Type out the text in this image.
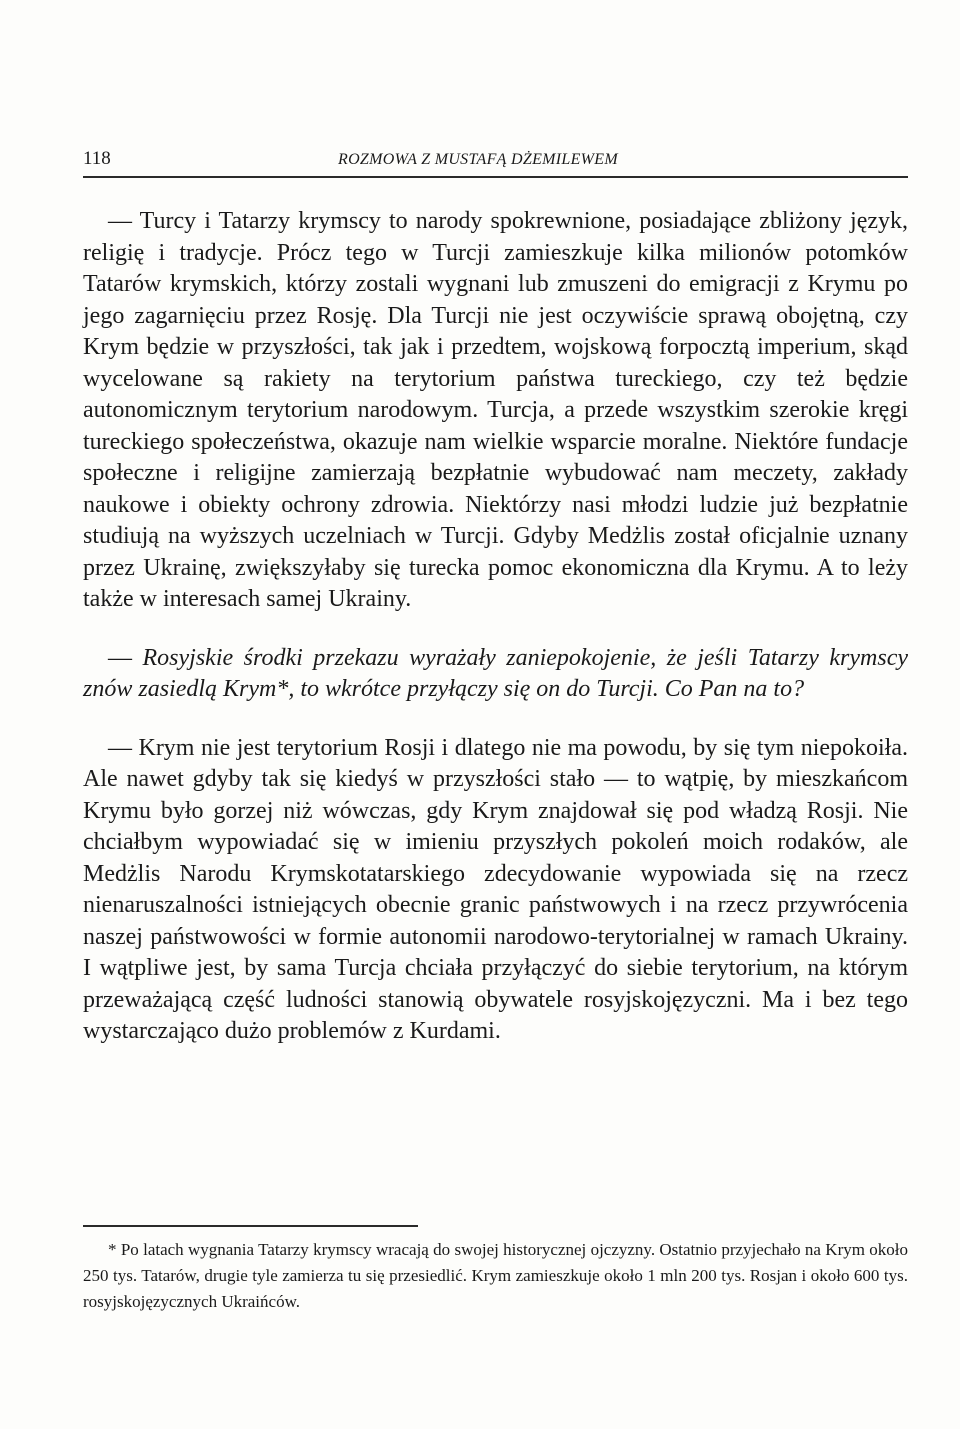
118	ROZMOWA Z MUSTAFĄ DŻEMILEWEM

— Turcy i Tatarzy krymscy to narody spokrewnione, posiadające zbliżony język, religię i tradycje. Prócz tego w Turcji zamieszkuje kilka milionów potomków Tatarów krymskich, którzy zostali wygnani lub zmuszeni do emigracji z Krymu po jego zagarnięciu przez Rosję. Dla Turcji nie jest oczywiście sprawą obojętną, czy Krym będzie w przyszłości, tak jak i przedtem, wojskową forpocztą imperium, skąd wycelowane są rakiety na terytorium państwa tureckiego, czy też będzie autonomicznym terytorium narodowym. Turcja, a przede wszystkim szerokie kręgi tureckiego społeczeństwa, okazuje nam wielkie wsparcie moralne. Niektóre fundacje społeczne i religijne zamierzają bezpłatnie wybudować nam meczety, zakłady naukowe i obiekty ochrony zdrowia. Niektórzy nasi młodzi ludzie już bezpłatnie studiują na wyższych uczelniach w Turcji. Gdyby Medżlis został oficjalnie uznany przez Ukrainę, zwiększyłaby się turecka pomoc ekonomiczna dla Krymu. A to leży także w interesach samej Ukrainy.

— Rosyjskie środki przekazu wyrażały zaniepokojenie, że jeśli Tatarzy krymscy znów zasiedlą Krym*, to wkrótce przyłączy się on do Turcji. Co Pan na to?

— Krym nie jest terytorium Rosji i dlatego nie ma powodu, by się tym niepokoiła. Ale nawet gdyby tak się kiedyś w przyszłości stało — to wątpię, by mieszkańcom Krymu było gorzej niż wówczas, gdy Krym znajdował się pod władzą Rosji. Nie chciałbym wypowiadać się w imieniu przyszłych pokoleń moich rodaków, ale Medżlis Narodu Krymskotatarskiego zdecydowanie wypowiada się na rzecz nienaruszalności istniejących obecnie granic państwowych i na rzecz przywrócenia naszej państwowości w formie autonomii narodowo-terytorialnej w ramach Ukrainy. I wątpliwe jest, by sama Turcja chciała przyłączyć do siebie terytorium, na którym przeważającą część ludności stanowią obywatele rosyjskojęzyczni. Ma i bez tego wystarczająco dużo problemów z Kurdami.

* Po latach wygnania Tatarzy krymscy wracają do swojej historycznej ojczyzny. Ostatnio przyjechało na Krym około 250 tys. Tatarów, drugie tyle zamierza tu się przesiedlić. Krym zamieszkuje około 1 mln 200 tys. Rosjan i około 600 tys. rosyjskojęzycznych Ukraińców.
